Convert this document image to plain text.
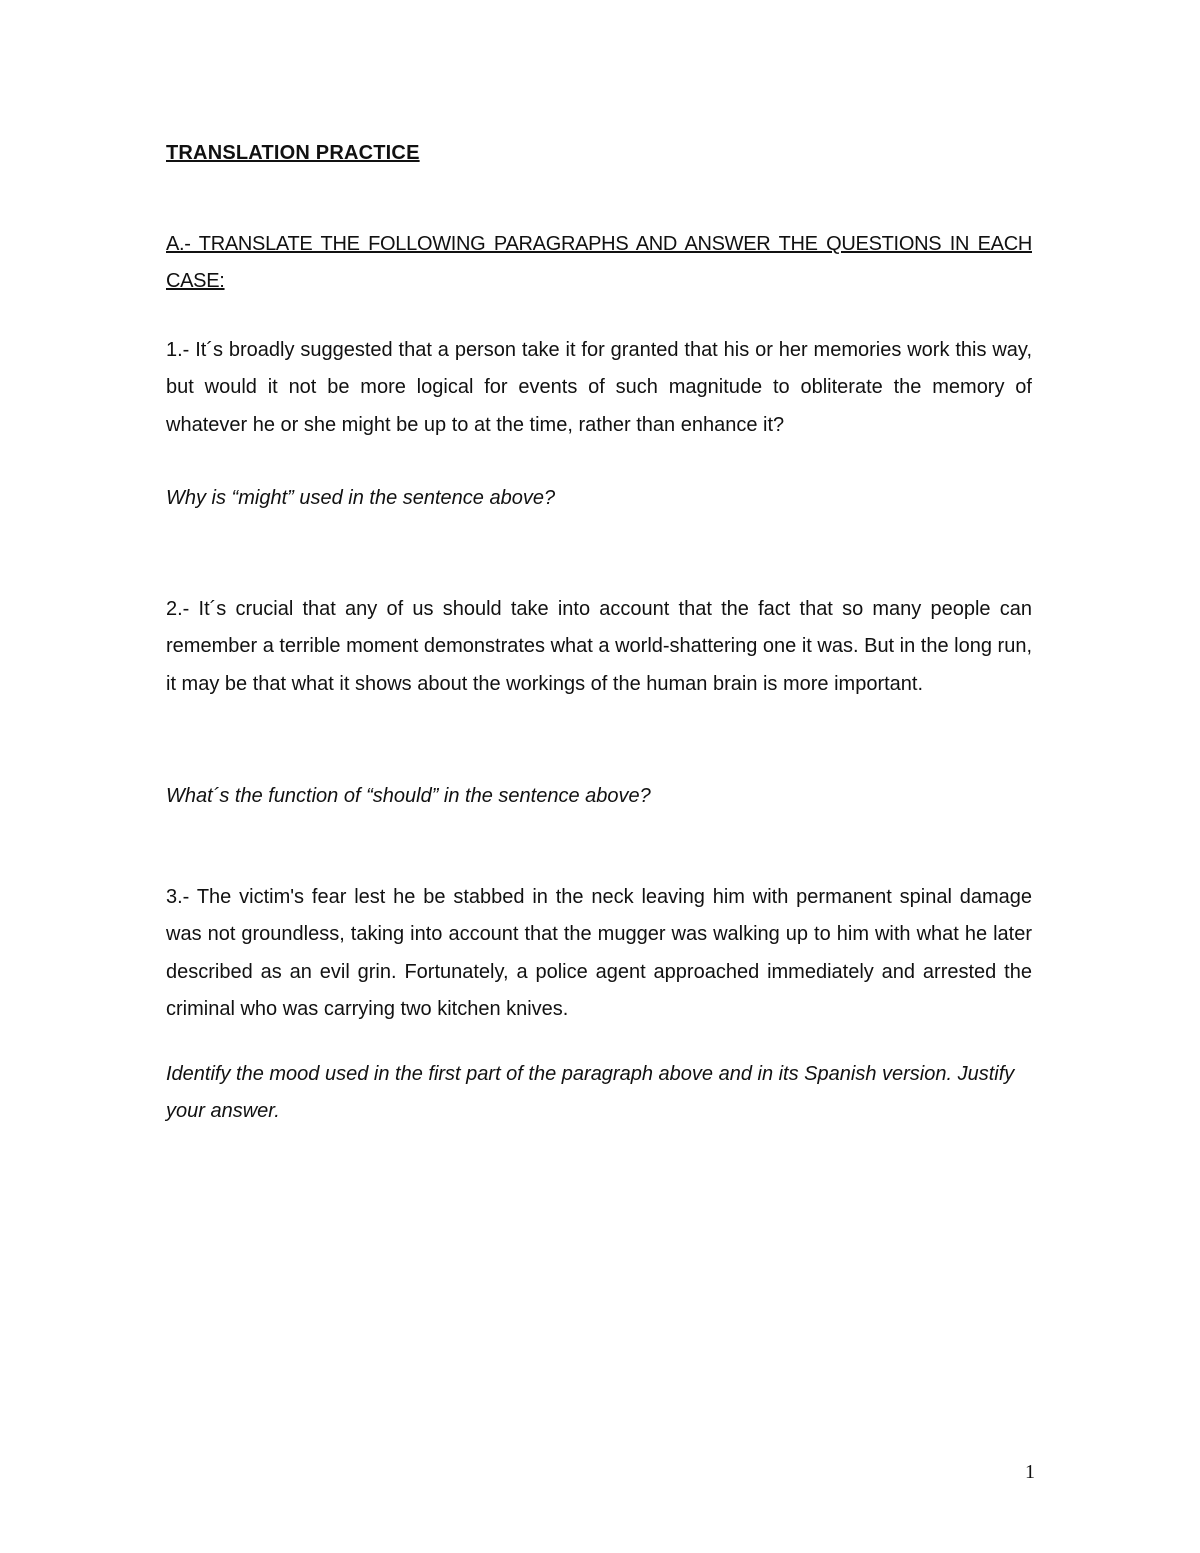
TRANSLATION PRACTICE
A.- TRANSLATE THE FOLLOWING PARAGRAPHS AND ANSWER THE QUESTIONS IN EACH CASE:
1.- It´s broadly suggested that a person take it for granted that his or her memories work this way, but would it not be more logical for events of such magnitude to obliterate the memory of whatever he or she might be up to at the time, rather than enhance it?
Why is “might” used in the sentence above?
2.- It´s crucial that any of us should take into account that the fact that so many people can remember a terrible moment demonstrates what a world-shattering one it was. But in the long run, it may be that what it shows about the workings of the human brain is more important.
What´s the function of “should” in the sentence above?
3.- The victim's fear lest he be stabbed in the neck leaving him with permanent spinal damage was not groundless, taking into account that the mugger was walking up to him with what he later described as an evil grin. Fortunately, a police agent approached immediately and arrested the criminal who was carrying two kitchen knives.
Identify the mood used in the first part of the paragraph above and in its Spanish version. Justify your answer.
1
